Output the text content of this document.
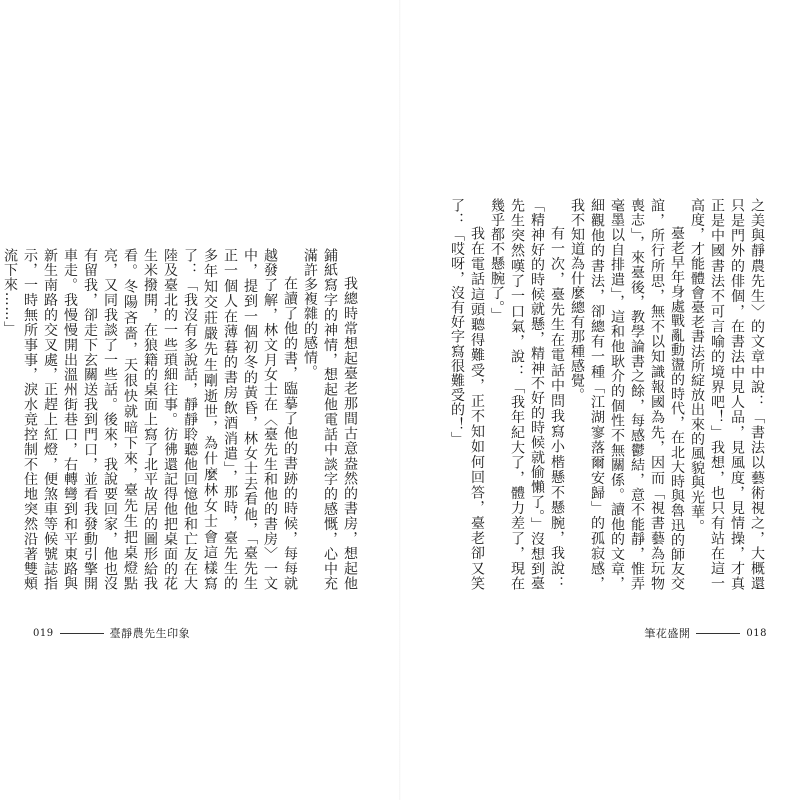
我總時常想起臺老那間古意盎然的書房，想起他鋪紙寫字的神情，想起他電話中談字的感慨，心中充滿許多複雜的感情。

在讀了他的書，臨摹了他的書跡的時候，每每就越發了解，林文月女士在〈臺先生和他的書房〉一文中，提到一個初冬的黃昏，林女士去看他，「臺先生正一個人在薄暮的書房飲酒消遣」，那時，臺先生的多年知交莊嚴先生剛逝世，為什麼林女士會這樣寫了：「我沒有多說話，靜靜聆聽他回憶他和亡友在大陸及臺北的一些瑣細往事。彷彿還記得他把桌面的花生米撥開，在狼籍的桌面上寫了北平故居的圖形給我看。冬陽吝嗇，天很快就暗下來，臺先生把桌燈點亮，又同我談了一些話。後來，我說要回家，他也沒有留我，卻走下玄關送我到門口，並看我發動引擎開車走。我慢慢開出溫州街巷口，右轉彎到和平東路與新生南路的交叉處，正趕上紅燈，便煞車等候號誌指示，一時無所事事，淚水竟控制不住地突然沿著雙頰流下來……」

019	臺靜農先生印象

之美與靜農先生〉的文章中說：「書法以藝術視之，大概還只是門外的俳個，在書法中見人品，見風度，見情操，才真正是中國書法不可言喻的境界吧！」我想，也只有站在這一高度，才能體會臺老書法所綻放出來的風貌與光華。

臺老早年身處戰亂動盪的時代，在北大時與魯迅的師友交誼，所行所思，無不以知識報國為先，因而「視書藝為玩物喪志」，來臺後，教學論書之餘，每感鬱結，意不能靜，惟弄毫墨以自排遣」，這和他耿介的個性不無關係。讀他的文章，細觀他的書法，卻總有一種「江湖寥落爾安歸」的孤寂感，我不知道為什麼總有那種感覺。

有一次，臺先生在電話中問我寫小楷懸不懸腕，我說：「精神好的時候就懸，精神不好的時候就偷懶了。」沒想到臺先生突然嘆了一口氣，說：「我年紀大了，體力差了，現在幾乎都不懸腕了。」

我在電話這頭聽得難受，正不知如何回答，臺老卻又笑了：「哎呀，沒有好字寫很難受的！」

筆花盛開	018
